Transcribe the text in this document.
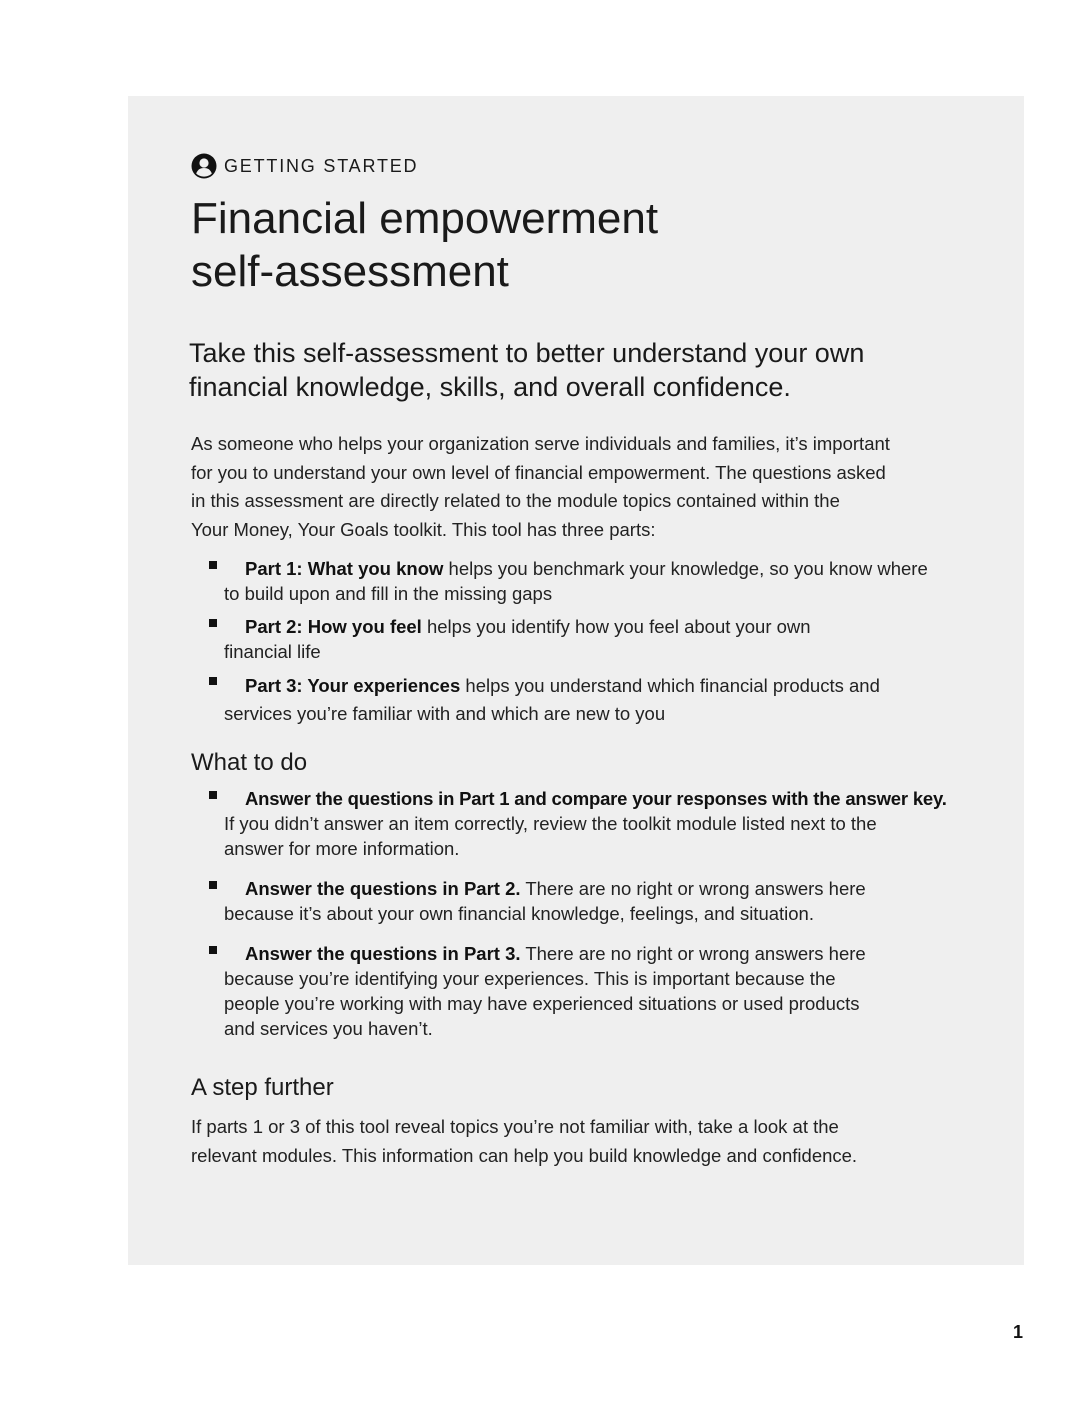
GETTING STARTED
Financial empowerment
self-assessment

Take this self-assessment to better understand your own
financial knowledge, skills, and overall confidence.

As someone who helps your organization serve individuals and families, it’s important
for you to understand your own level of financial empowerment. The questions asked
in this assessment are directly related to the module topics contained within the
Your Money, Your Goals toolkit. This tool has three parts:

Part 1: What you know helps you benchmark your knowledge, so you know where
to build upon and fill in the missing gaps
Part 2: How you feel helps you identify how you feel about your own
financial life
Part 3: Your experiences helps you understand which financial products and
services you’re familiar with and which are new to you
What to do
Answer the questions in Part 1 and compare your responses with the answer key.
If you didn’t answer an item correctly, review the toolkit module listed next to the
answer for more information.
Answer the questions in Part 2. There are no right or wrong answers here
because it’s about your own financial knowledge, feelings, and situation.
Answer the questions in Part 3. There are no right or wrong answers here
because you’re identifying your experiences. This is important because the
people you’re working with may have experienced situations or used products
and services you haven’t.
A step further

If parts 1 or 3 of this tool reveal topics you’re not familiar with, take a look at the
relevant modules. This information can help you build knowledge and confidence.

1
